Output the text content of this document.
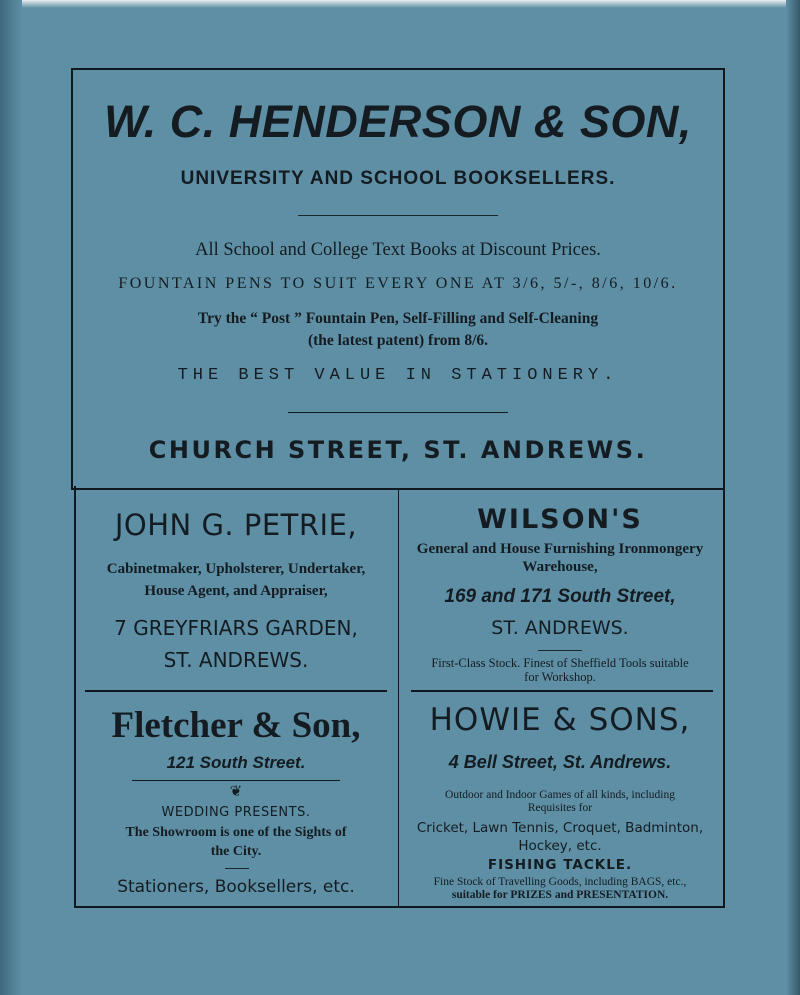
W. C. HENDERSON & SON,
UNIVERSITY AND SCHOOL BOOKSELLERS.
All School and College Text Books at Discount Prices.
FOUNTAIN PENS TO SUIT EVERY ONE AT 3/6, 5/-, 8/6, 10/6.
Try the “ Post ” Fountain Pen, Self-Filling and Self-Cleaning
(the latest patent) from 8/6.
THE BEST VALUE IN STATIONERY.
CHURCH STREET, ST. ANDREWS.
JOHN G. PETRIE,
Cabinetmaker, Upholsterer, Undertaker,
House Agent, and Appraiser,
7 GREYFRIARS GARDEN,
ST. ANDREWS.
WILSON'S
General and House Furnishing Ironmongery
Warehouse,
169 and 171 South Street,
ST. ANDREWS.
First-Class Stock. Finest of Sheffield Tools suitable
for Workshop.
Fletcher & Son,
121 South Street.
❦
WEDDING PRESENTS.
The Showroom is one of the Sights of
the City.
Stationers, Booksellers, etc.
HOWIE & SONS,
4 Bell Street, St. Andrews.
Outdoor and Indoor Games of all kinds, including
Requisites for
Cricket, Lawn Tennis, Croquet, Badminton,
Hockey, etc.
FISHING TACKLE.
Fine Stock of Travelling Goods, including BAGS, etc.,
suitable for PRIZES and PRESENTATION.
